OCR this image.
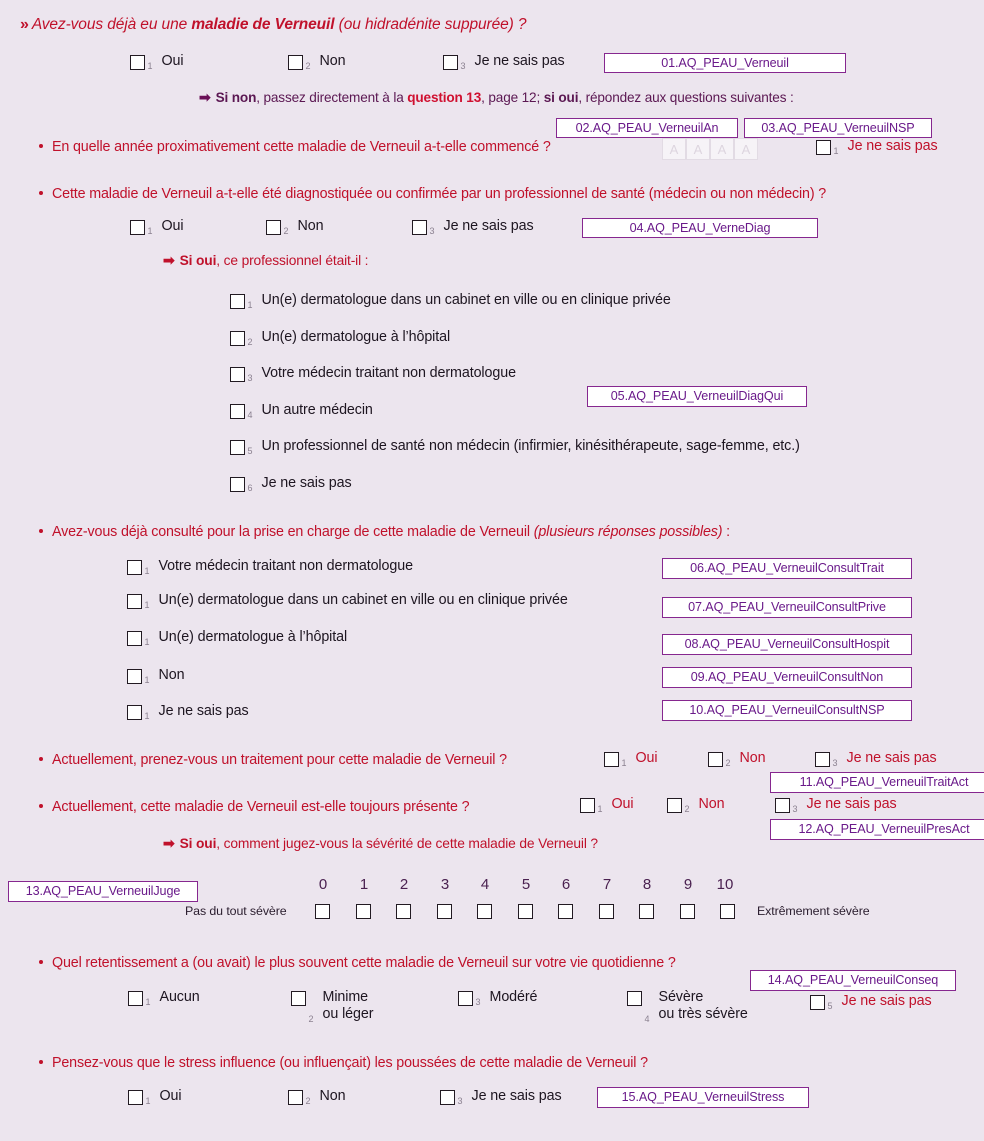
» Avez-vous déjà eu une maladie de Verneuil (ou hidradénite suppurée) ?
1 Oui	2 Non	3 Je ne sais pas	01.AQ_PEAU_Verneuil
➡ Si non, passez directement à la question 13, page 12; si oui, répondez aux questions suivantes :
02.AQ_PEAU_VerneuilAn	03.AQ_PEAU_VerneuilNSP
En quelle année proximativement cette maladie de Verneuil a-t-elle commencé ?	A	A	A	A	1 Je ne sais pas
Cette maladie de Verneuil a-t-elle été diagnostiquée ou confirmée par un professionnel de santé (médecin ou non médecin) ?
1 Oui	2 Non	3 Je ne sais pas	04.AQ_PEAU_VerneDiag
➡ Si oui, ce professionnel était-il :
1 Un(e) dermatologue dans un cabinet en ville ou en clinique privée
2 Un(e) dermatologue à l’hôpital
3 Votre médecin traitant non dermatologue
05.AQ_PEAU_VerneuilDiagQui
4 Un autre médecin
5 Un professionnel de santé non médecin (infirmier, kinésithérapeute, sage-femme, etc.)
6 Je ne sais pas
Avez-vous déjà consulté pour la prise en charge de cette maladie de Verneuil (plusieurs réponses possibles) :
1 Votre médecin traitant non dermatologue	06.AQ_PEAU_VerneuilConsultTrait
1 Un(e) dermatologue dans un cabinet en ville ou en clinique privée	07.AQ_PEAU_VerneuilConsultPrive
1 Un(e) dermatologue à l’hôpital	08.AQ_PEAU_VerneuilConsultHospit
1 Non	09.AQ_PEAU_VerneuilConsultNon
1 Je ne sais pas	10.AQ_PEAU_VerneuilConsultNSP
Actuellement, prenez-vous un traitement pour cette maladie de Verneuil ?	1 Oui	2 Non	3 Je ne sais pas
11.AQ_PEAU_VerneuilTraitAct
Actuellement, cette maladie de Verneuil est-elle toujours présente ?	1 Oui	2 Non	3 Je ne sais pas
12.AQ_PEAU_VerneuilPresAct
➡ Si oui, comment jugez-vous la sévérité de cette maladie de Verneuil ?
13.AQ_PEAU_VerneuilJuge
Pas du tout sévère	Extrêmement sévère
0	1	2	3	4	5	6	7	8	9	10
Quel retentissement a (ou avait) le plus souvent cette maladie de Verneuil sur votre vie quotidienne ?
14.AQ_PEAU_VerneuilConseq
1 Aucun
2
Minime
ou léger
3 Modéré
4
Sévère
ou très sévère	5 Je ne sais pas
Pensez-vous que le stress influence (ou influençait) les poussées de cette maladie de Verneuil ?
1 Oui	2 Non	3 Je ne sais pas	15.AQ_PEAU_VerneuilStress
